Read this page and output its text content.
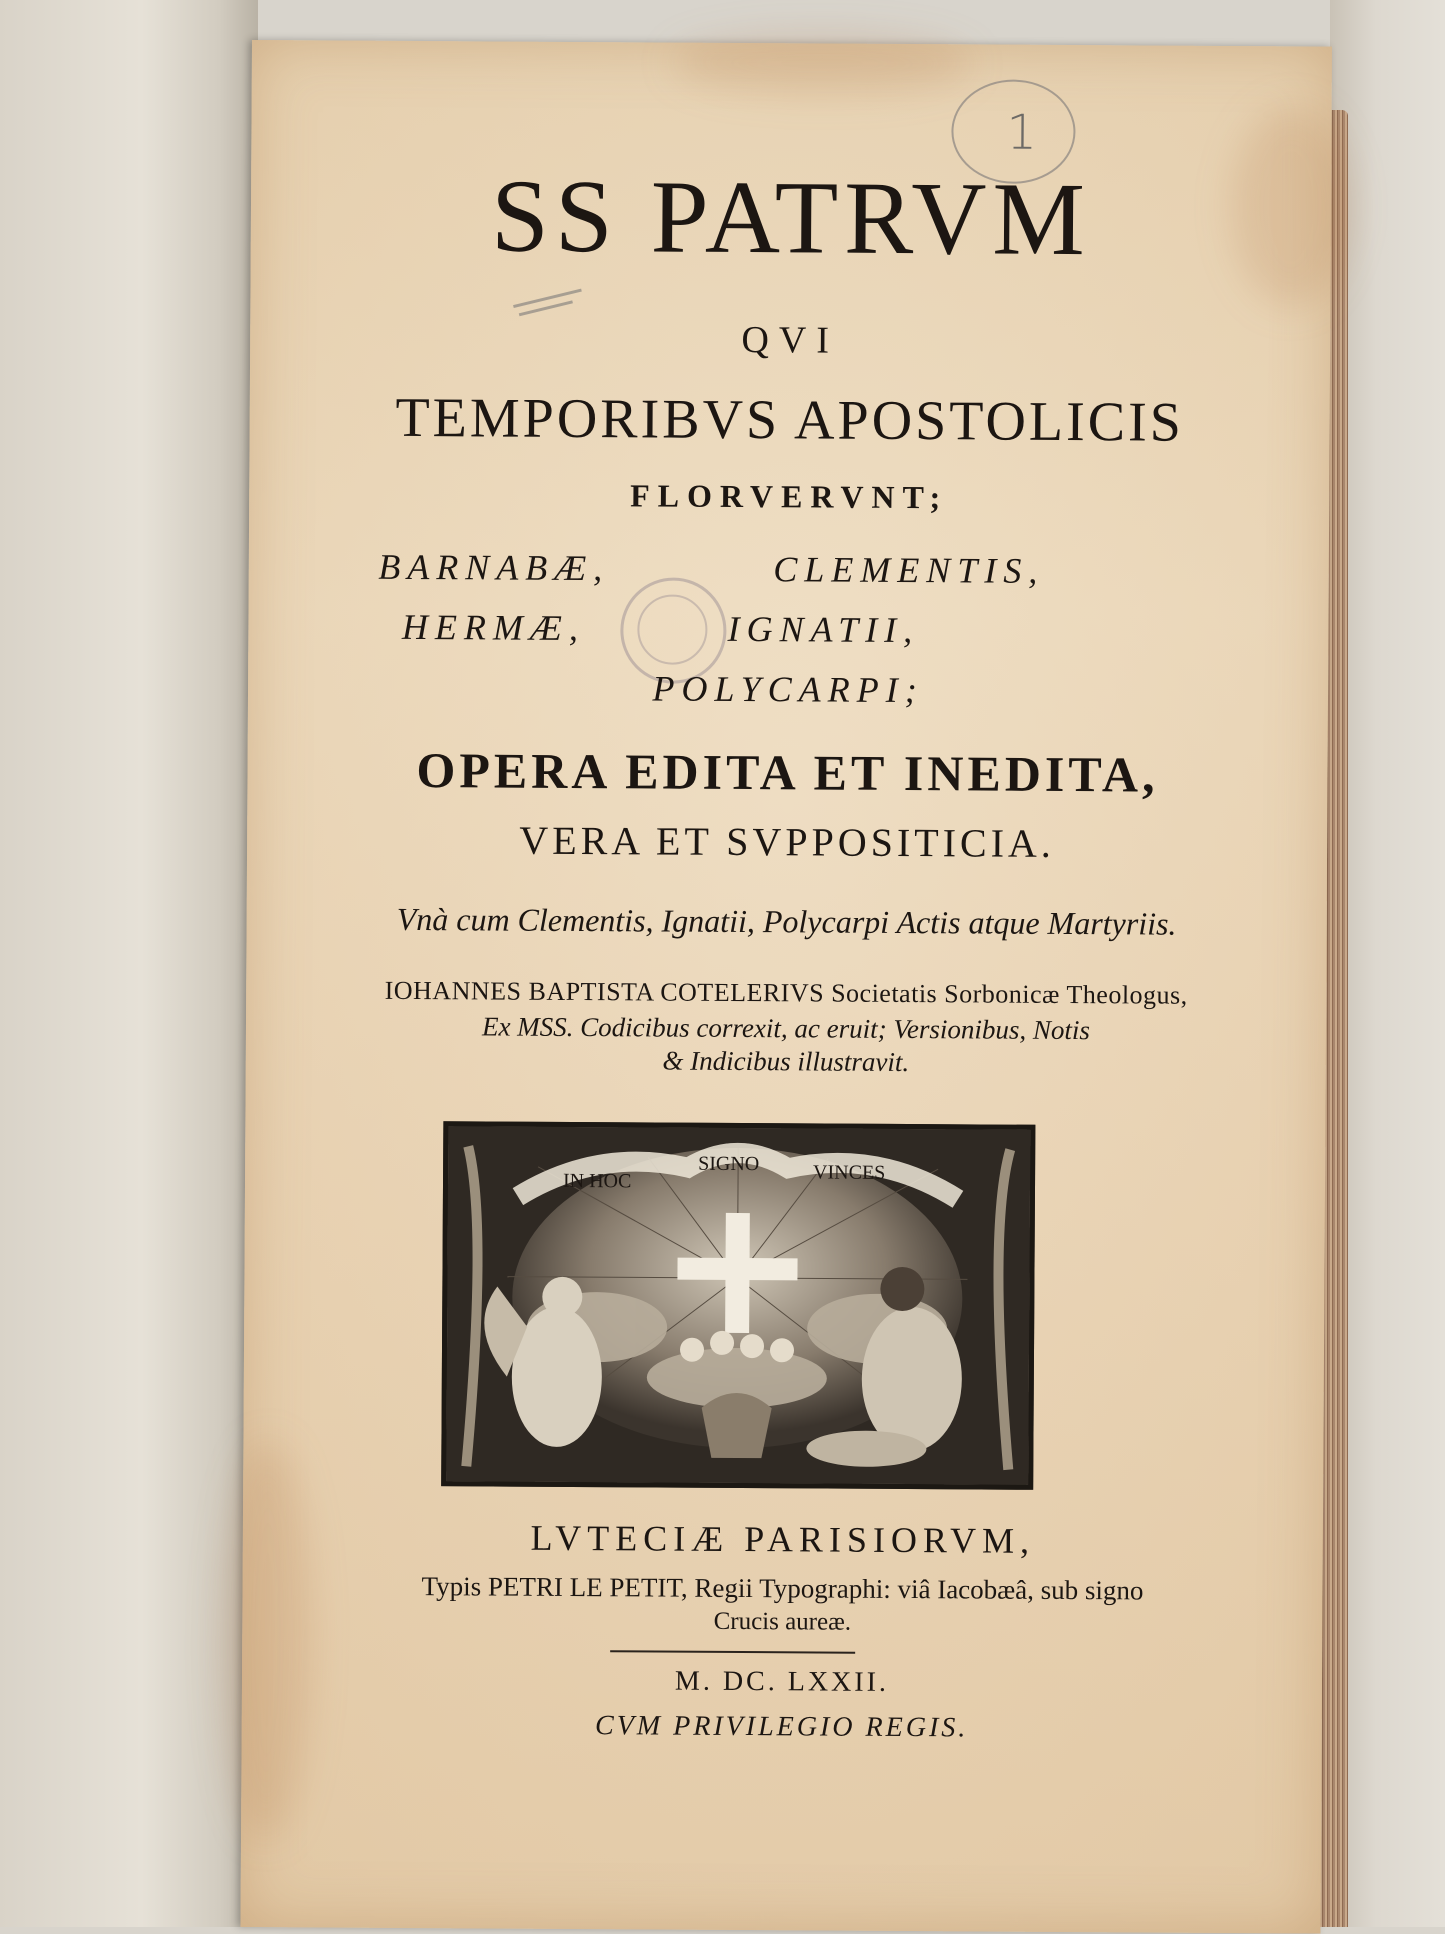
1
SS PATRVM
QVI
TEMPORIBVS APOSTOLICIS
FLORVERVNT;
BARNABÆ,	CLEMENTIS,
HERMÆ,	IGNATII,
POLYCARPI;
OPERA EDITA ET INEDITA,
VERA ET SVPPOSITICIA.
Vnà cum Clementis, Ignatii, Polycarpi Actis atque Martyriis.
IOHANNES BAPTISTA COTELERIVS Societatis Sorbonicæ Theologus,
Ex MSS. Codicibus correxit, ac eruit; Versionibus, Notis
& Indicibus illustravit.
IN HOC
SIGNO	VINCES
LVTECIÆ PARISIORVM,
Typis PETRI LE PETIT, Regii Typographi: viâ Iacobæâ, sub signo
Crucis aureæ.
M. DC. LXXII.
CVM PRIVILEGIO REGIS.
